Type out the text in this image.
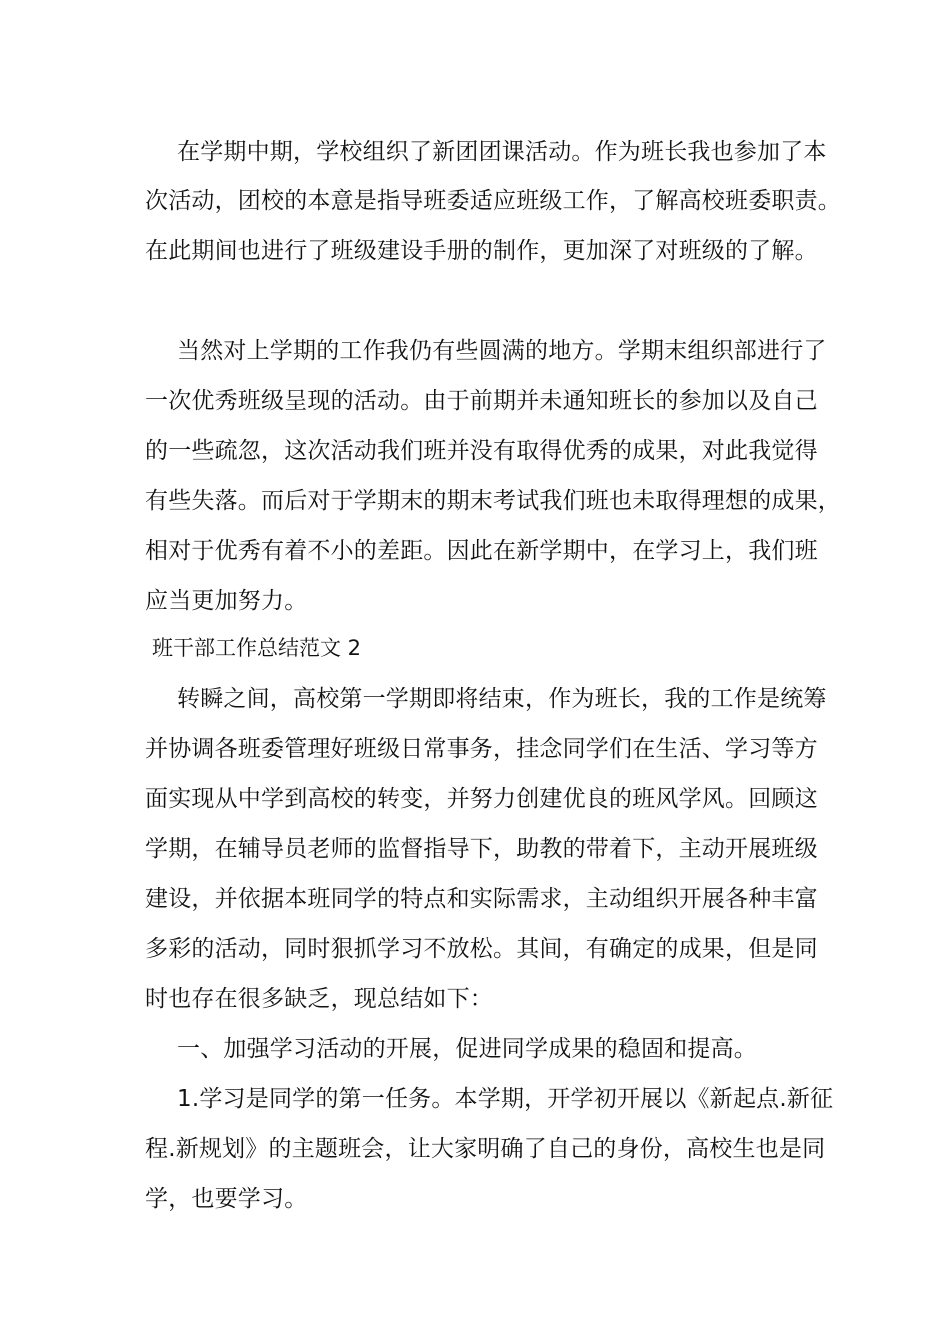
在学期中期，学校组织了新团团课活动。作为班长我也参加了本
次活动，团校的本意是指导班委适应班级工作，了解高校班委职责。
在此期间也进行了班级建设手册的制作，更加深了对班级的了解。
当然对上学期的工作我仍有些圆满的地方。学期末组织部进行了
一次优秀班级呈现的活动。由于前期并未通知班长的参加以及自己
的一些疏忽，这次活动我们班并没有取得优秀的成果，对此我觉得
有些失落。而后对于学期末的期末考试我们班也未取得理想的成果，
相对于优秀有着不小的差距。因此在新学期中，在学习上，我们班
应当更加努力。
班干部工作总结范文 2
转瞬之间，高校第一学期即将结束，作为班长，我的工作是统筹
并协调各班委管理好班级日常事务，挂念同学们在生活、学习等方
面实现从中学到高校的转变，并努力创建优良的班风学风。回顾这
学期，在辅导员老师的监督指导下，助教的带着下，主动开展班级
建设，并依据本班同学的特点和实际需求，主动组织开展各种丰富
多彩的活动，同时狠抓学习不放松。其间，有确定的成果，但是同
时也存在很多缺乏，现总结如下：
一、加强学习活动的开展，促进同学成果的稳固和提高。
1.学习是同学的第一任务。本学期，开学初开展以《新起点.新征
程.新规划》的主题班会，让大家明确了自己的身份，高校生也是同
学，也要学习。
